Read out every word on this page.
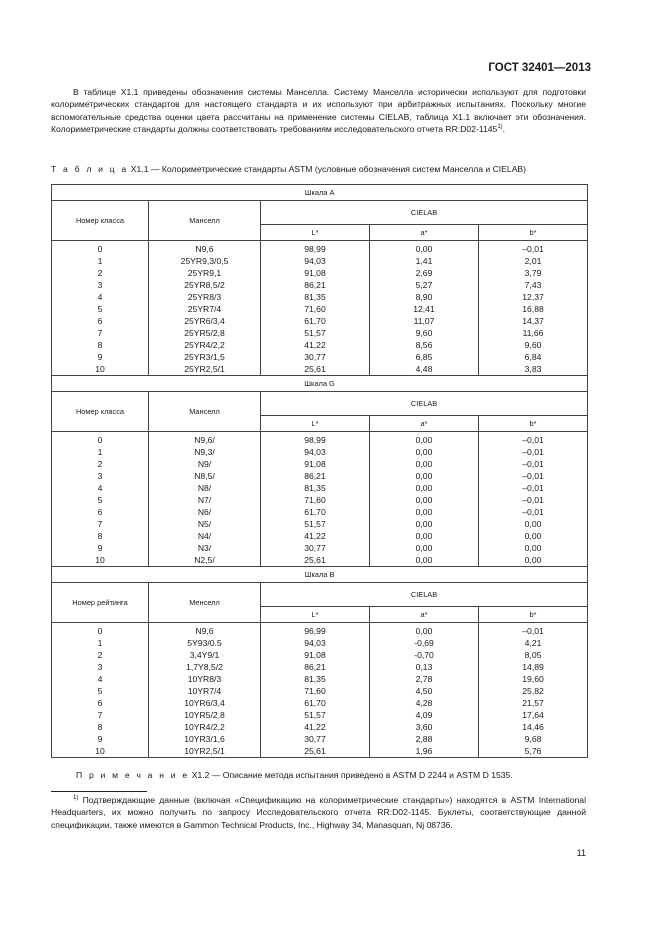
ГОСТ 32401—2013

В таблице Х1.1 приведены обозначения системы Манселла. Систему Манселла исторически используют для подготовки колориметрических стандартов для настоящего стандарта и их используют при арбитражных испытаниях. Поскольку многие вспомогательные средства оценки цвета рассчитаны на применение системы CIELAB, таблица Х1.1 включает эти обозначения. Колориметрические стандарты должны соответствовать требованиям исследовательского отчета RR:D02-1145$^{1)}$.

Т а б л и ц а Х1.1 — Колориметрические стандарты ASTM (условные обозначения систем Манселла и CIELAB)
Шкала А				
Номер класса	Манселл	CIELAB		
		L*	a*	b*
0	N9,6	98,99	0,00	–0,01
1	25YR9,3/0,5	94,03	1,41	2,01
2	25YR9,1	91,08	2,69	3,79
3	25YR8,5/2	86,21	5,27	7,43
4	25YR8/3	81,35	8,90	12,37
5	25YR7/4	71,60	12,41	16,88
6	25YR6/3,4	61,70	11,07	14,37
7	25YR5/2,8	51,57	9,60	11,66
8	25YR4/2,2	41,22	8,56	9,60
9	25YR3/1,5	30,77	6,85	6,84
10	25YR2,5/1	25,61	4,48	3,83
Шкала G				
Номер класса	Манселл	CIELAB		
		L*	a*	b*
0	N9,6/	98,99	0,00	–0,01
1	N9,3/	94,03	0,00	–0,01
2	N9/	91,08	0,00	–0,01
3	N8,5/	86,21	0,00	–0,01
4	N8/	81,35	0,00	–0,01
5	N7/	71,60	0,00	–0,01
6	N6/	61,70	0,00	–0,01
7	N5/	51,57	0,00	0,00
8	N4/	41,22	0,00	0,00
9	N3/	30,77	0,00	0,00
10	N2,5/	25,61	0,00	0,00
Шкала В				
Номер рейтинга	Менселл	CIELAB		
		L*	a*	b*
0	N9,6	96,99	0,00	–0,01
1	5Y93/0.5	94,03	-0,69	4,21
2	3,4Y9/1	91,08	-0,70	8,05
3	1,7Y8,5/2	86,21	0,13	14,89
4	10YR8/3	81,35	2,78	19,60
5	10YR7/4	71,60	4,50	25,82
6	10YR6/3,4	61,70	4,28	21,57
7	10YR5/2,8	51,57	4,09	17,64
8	10YR4/2,2	41,22	3,60	14,46
9	10YR3/1,6	30,77	2,88	9,68
10	10YR2,5/1	25,61	1,96	5,76
П р и м е ч а н и е Х1.2 — Описание метода испытания приведено в ASTM D 2244 и ASTM D 1535.

$^{1)}$ Подтверждающие данные (включая «Спецификацию на колориметрические стандарты») находятся в ASTM International Headquarters, их можно получить по запросу Исследовательского отчета RR:D02-1145. Буклеты, соответствующие данной спецификации, также имеются в Gammon Technical Products, Inc., Highway 34, Manasquan, Nj 08736.

11
